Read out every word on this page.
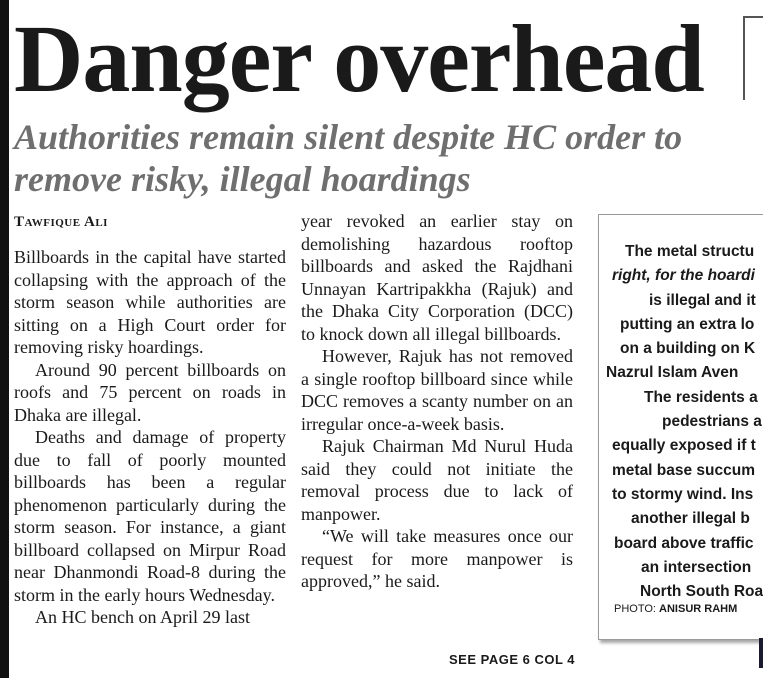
Danger overhead
Authorities remain silent despite HC order to remove risky, illegal hoardings
Tawfique Ali

Billboards in the capital have started collapsing with the approach of the storm season while authorities are sitting on a High Court order for removing risky hoardings.

Around 90 percent billboards on roofs and 75 percent on roads in Dhaka are illegal.

Deaths and damage of property due to fall of poorly mounted billboards has been a regular phenomenon particularly during the storm season. For instance, a giant billboard collapsed on Mirpur Road near Dhanmondi Road-8 during the storm in the early hours Wednesday.

An HC bench on April 29 last

year revoked an earlier stay on demolishing hazardous rooftop billboards and asked the Rajdhani Unnayan Kartripakkha (Rajuk) and the Dhaka City Corporation (DCC) to knock down all illegal billboards.

However, Rajuk has not removed a single rooftop billboard since while DCC removes a scanty number on an irregular once-a-week basis.

Rajuk Chairman Md Nurul Huda said they could not initiate the removal process due to lack of manpower.

“We will take measures once our request for more manpower is approved,” he said.

SEE PAGE 6 COL 4
The metal structu
right, for the hoardi
is illegal and it
putting an extra lo
on a building on K
Nazrul Islam Aven
The residents a
pedestrians a
equally exposed if t
metal base succum
to stormy wind. Ins
another illegal b
board above traffic
an intersection
North South Roa
PHOTO: ANISUR RAHM
